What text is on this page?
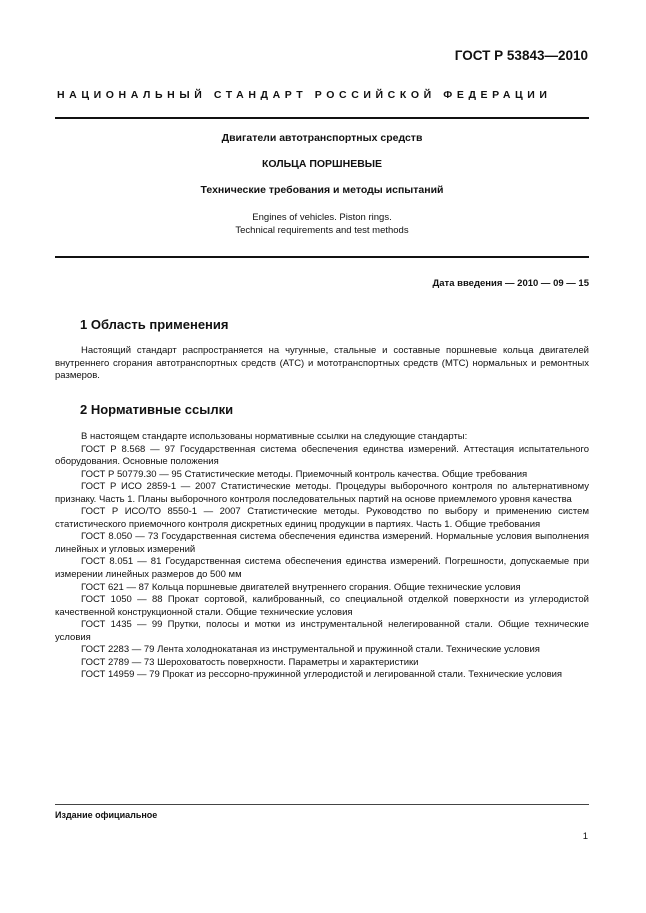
ГОСТ Р 53843—2010
НАЦИОНАЛЬНЫЙ СТАНДАРТ РОССИЙСКОЙ ФЕДЕРАЦИИ
Двигатели автотранспортных средств
КОЛЬЦА ПОРШНЕВЫЕ
Технические требования и методы испытаний
Engines of vehicles. Piston rings.
Technical requirements and test methods
Дата введения — 2010 — 09 — 15
1 Область применения

Настоящий стандарт распространяется на чугунные, стальные и составные поршневые кольца двигателей внутреннего сгорания автотранспортных средств (АТС) и мототранспортных средств (МТС) нормальных и ремонтных размеров.

2 Нормативные ссылки

В настоящем стандарте использованы нормативные ссылки на следующие стандарты:

ГОСТ Р 8.568 — 97 Государственная система обеспечения единства измерений. Аттестация испытательного оборудования. Основные положения

ГОСТ Р 50779.30 — 95 Статистические методы. Приемочный контроль качества. Общие требования

ГОСТ Р ИСО 2859-1 — 2007 Статистические методы. Процедуры выборочного контроля по альтернативному признаку. Часть 1. Планы выборочного контроля последовательных партий на основе приемлемого уровня качества

ГОСТ Р ИСО/ТО 8550-1 — 2007 Статистические методы. Руководство по выбору и применению систем статистического приемочного контроля дискретных единиц продукции в партиях. Часть 1. Общие требования

ГОСТ 8.050 — 73 Государственная система обеспечения единства измерений. Нормальные условия выполнения линейных и угловых измерений

ГОСТ 8.051 — 81 Государственная система обеспечения единства измерений. Погрешности, допускаемые при измерении линейных размеров до 500 мм

ГОСТ 621 — 87 Кольца поршневые двигателей внутреннего сгорания. Общие технические условия

ГОСТ 1050 — 88 Прокат сортовой, калиброванный, со специальной отделкой поверхности из углеродистой качественной конструкционной стали. Общие технические условия

ГОСТ 1435 — 99 Прутки, полосы и мотки из инструментальной нелегированной стали. Общие технические условия

ГОСТ 2283 — 79 Лента холоднокатаная из инструментальной и пружинной стали. Технические условия

ГОСТ 2789 — 73 Шероховатость поверхности. Параметры и характеристики

ГОСТ 14959 — 79 Прокат из рессорно-пружинной углеродистой и легированной стали. Технические условия

Издание официальное
1
